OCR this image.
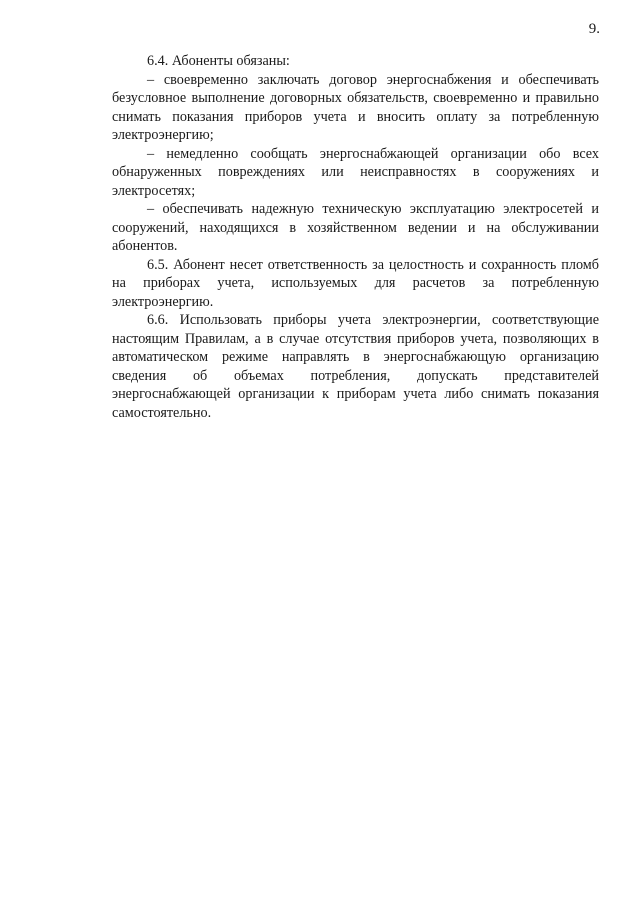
9.

6.4. Абоненты обязаны:

– своевременно заключать договор энергоснабжения и обеспечивать безусловное выполнение договорных обязательств, своевременно и правильно снимать показания приборов учета и вносить оплату за потребленную электроэнергию;

– немедленно сообщать энергоснабжающей организации обо всех обнаруженных повреждениях или неисправностях в сооружениях и электросетях;

– обеспечивать надежную техническую эксплуатацию электросетей и сооружений, находящихся в хозяйственном ведении и на обслуживании абонентов.

6.5. Абонент несет ответственность за целостность и сохранность пломб на приборах учета, используемых для расчетов за потребленную электроэнергию.

6.6. Использовать приборы учета электроэнергии, соответствующие настоящим Правилам, а в случае отсутствия приборов учета, позволяющих в автоматическом режиме направлять в энергоснабжающую организацию сведения об объемах потребления, допускать представителей энергоснабжающей организации к приборам учета либо снимать показания самостоятельно.
